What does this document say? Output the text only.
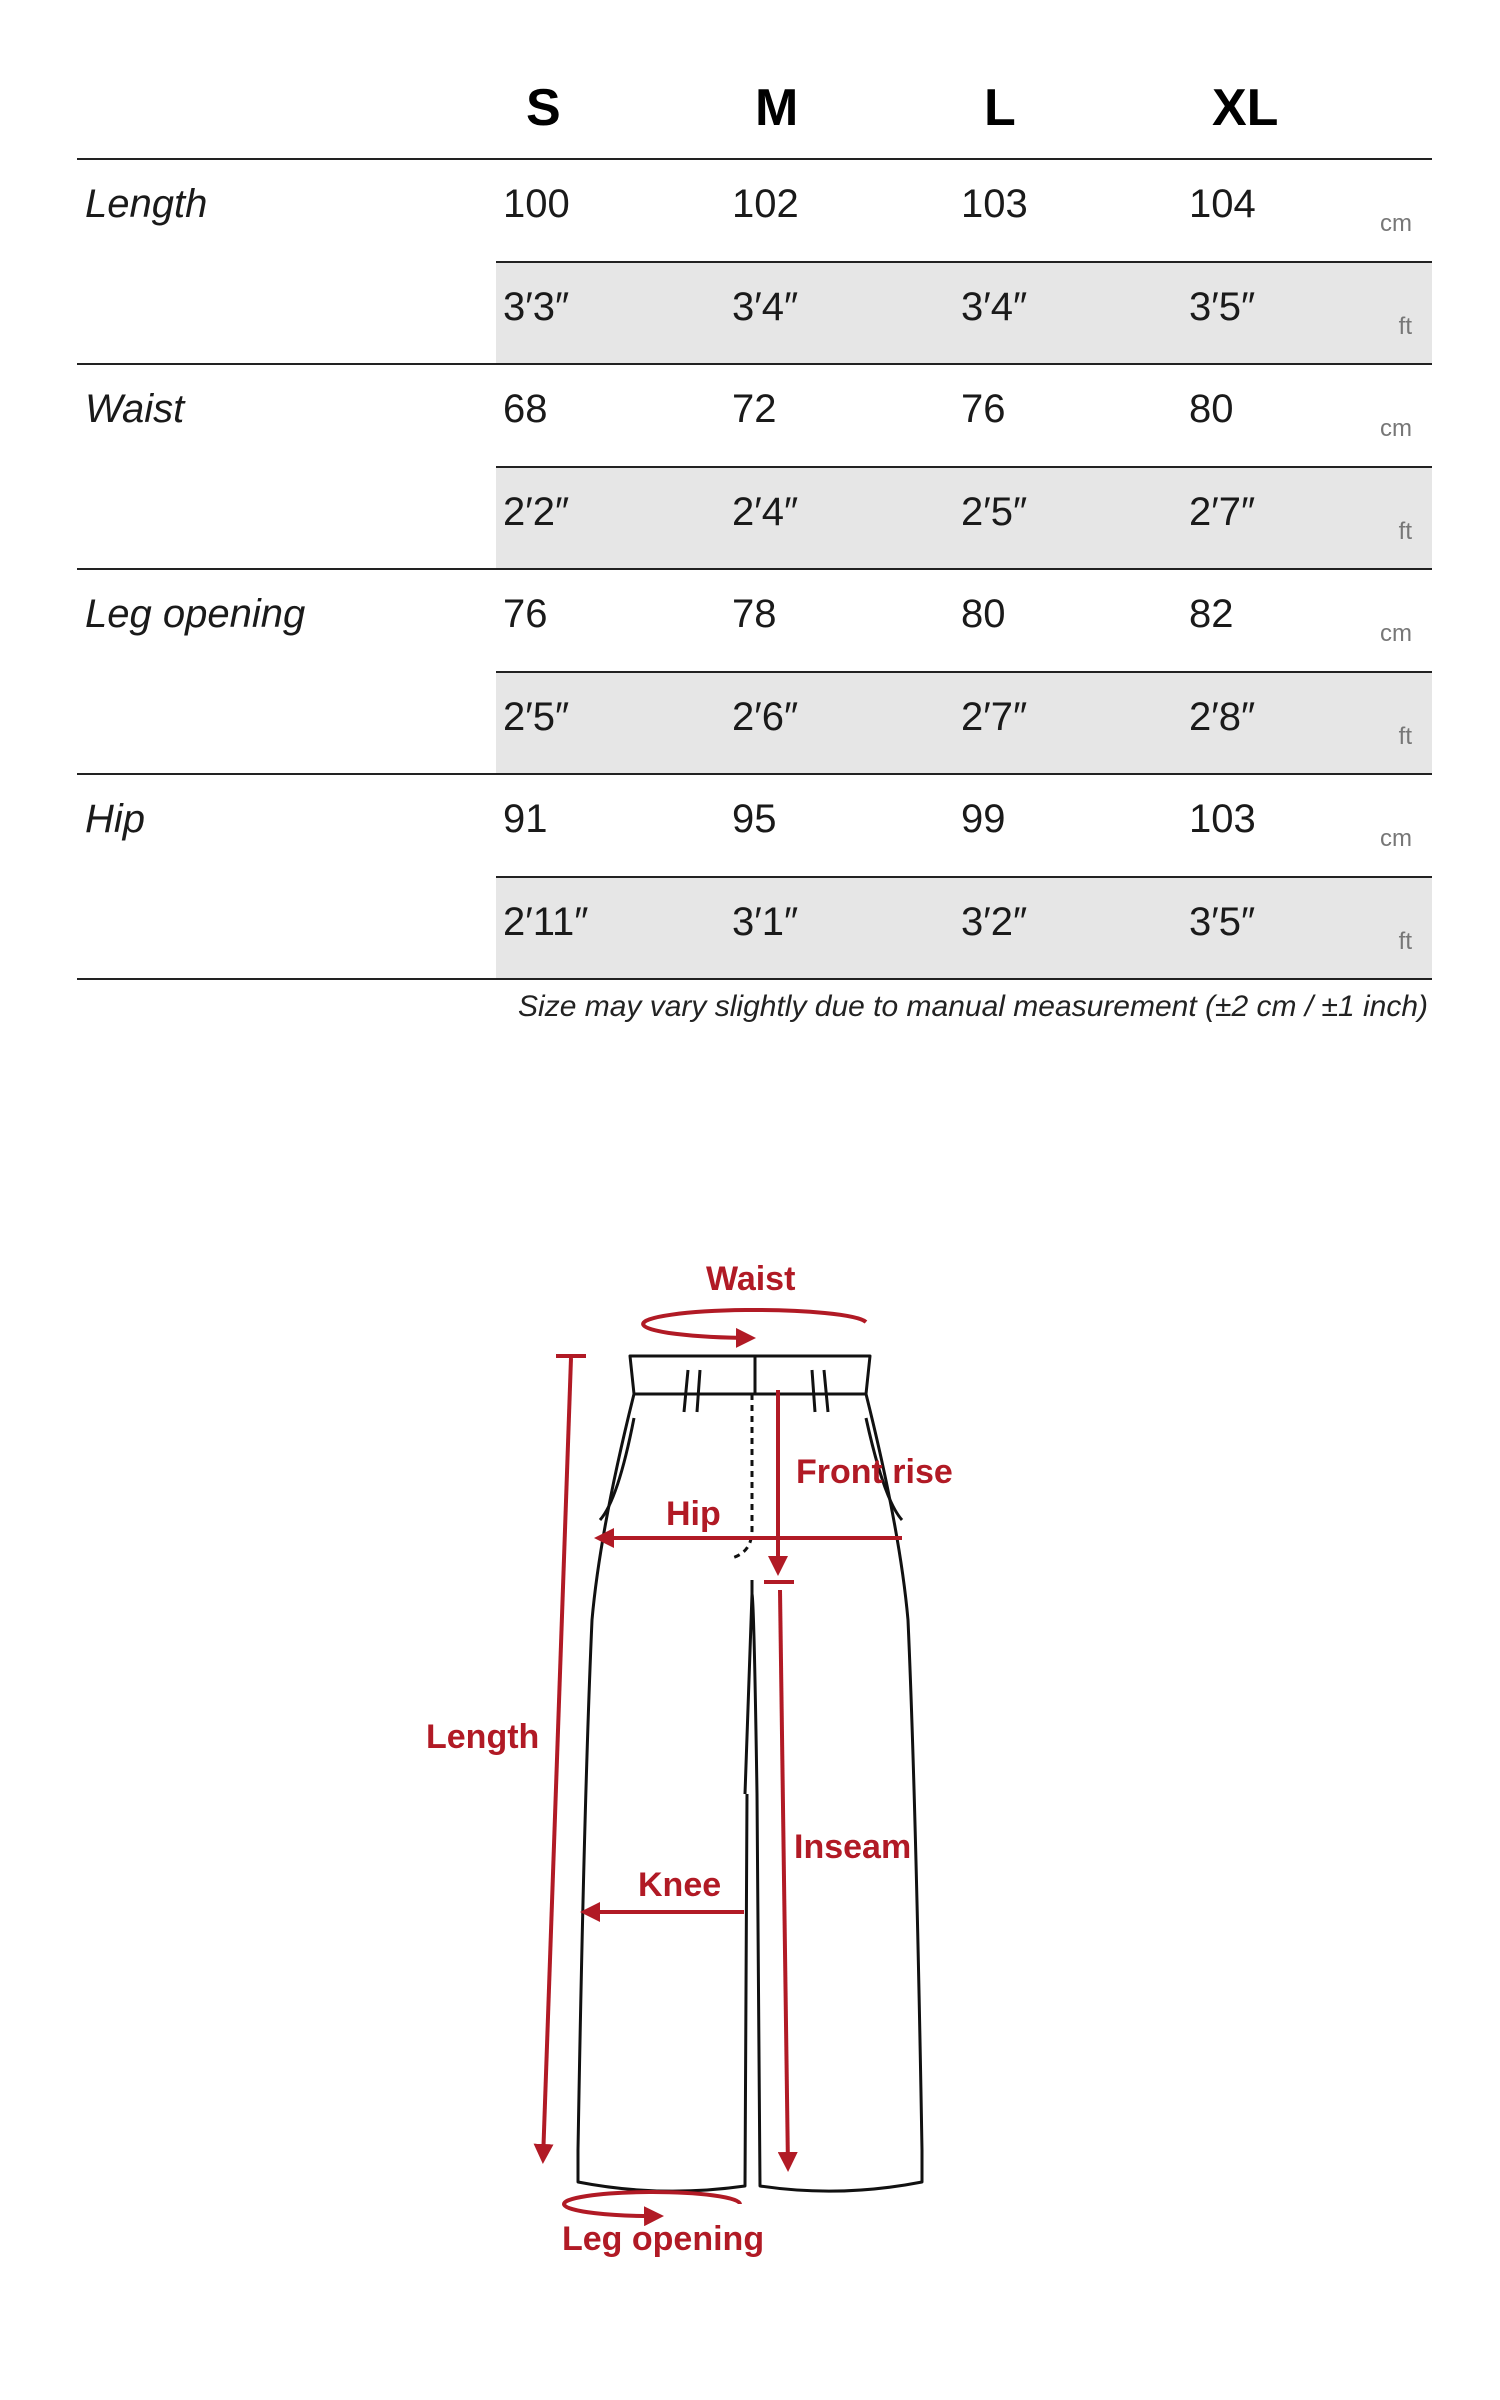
S	M	L	XL
Length	100	102	103	104	cm
3′3″	3′4″	3′4″	3′5″	ft
Waist	68	72	76	80	cm
2′2″	2′4″	2′5″	2′7″	ft
Leg opening	76	78	80	82	cm
2′5″	2′6″	2′7″	2′8″	ft
Hip	91	95	99	103	cm
2′11″	3′1″	3′2″	3′5″	ft
Size may vary slightly due to manual measurement (±2 cm / ±1 inch)
Waist
Front rise
Hip
Length
Inseam
Knee
Leg opening
